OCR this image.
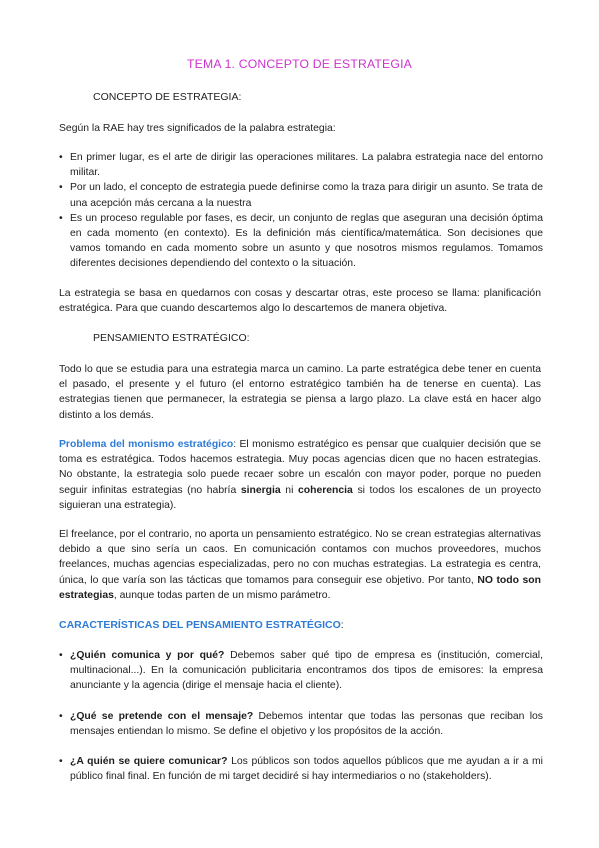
TEMA 1. CONCEPTO DE ESTRATEGIA
CONCEPTO DE ESTRATEGIA:
Según la RAE hay tres significados de la palabra estrategia:
• En primer lugar, es el arte de dirigir las operaciones militares. La palabra estrategia nace del entorno militar.
• Por un lado, el concepto de estrategia puede definirse como la traza para dirigir un asunto. Se trata de una acepción más cercana a la nuestra
• Es un proceso regulable por fases, es decir, un conjunto de reglas que aseguran una decisión óptima en cada momento (en contexto). Es la definición más científica/matemática. Son decisiones que vamos tomando en cada momento sobre un asunto y que nosotros mismos regulamos. Tomamos diferentes decisiones dependiendo del contexto o la situación.
La estrategia se basa en quedarnos con cosas y descartar otras, este proceso se llama: planificación estratégica. Para que cuando descartemos algo lo descartemos de manera objetiva.
PENSAMIENTO ESTRATÉGICO:
Todo lo que se estudia para una estrategia marca un camino. La parte estratégica debe tener en cuenta el pasado, el presente y el futuro (el entorno estratégico también ha de tenerse en cuenta). Las estrategias tienen que permanecer, la estrategia se piensa a largo plazo. La clave está en hacer algo distinto a los demás.
Problema del monismo estratégico: El monismo estratégico es pensar que cualquier decisión que se toma es estratégica. Todos hacemos estrategia. Muy pocas agencias dicen que no hacen estrategias. No obstante, la estrategia solo puede recaer sobre un escalón con mayor poder, porque no pueden seguir infinitas estrategias (no habría sinergia ni coherencia si todos los escalones de un proyecto siguieran una estrategia).
El freelance, por el contrario, no aporta un pensamiento estratégico. No se crean estrategias alternativas debido a que sino sería un caos. En comunicación contamos con muchos proveedores, muchos freelances, muchas agencias especializadas, pero no con muchas estrategias. La estrategia es centra, única, lo que varía son las tácticas que tomamos para conseguir ese objetivo. Por tanto, NO todo son estrategias, aunque todas parten de un mismo parámetro.
CARACTERÍSTICAS DEL PENSAMIENTO ESTRATÉGICO:
• ¿Quién comunica y por qué? Debemos saber qué tipo de empresa es (institución, comercial, multinacional...). En la comunicación publicitaria encontramos dos tipos de emisores: la empresa anunciante y la agencia (dirige el mensaje hacia el cliente).
• ¿Qué se pretende con el mensaje? Debemos intentar que todas las personas que reciban los mensajes entiendan lo mismo. Se define el objetivo y los propósitos de la acción.
• ¿A quién se quiere comunicar? Los públicos son todos aquellos públicos que me ayudan a ir a mi público final final. En función de mi target decidiré si hay intermediarios o no (stakeholders).
